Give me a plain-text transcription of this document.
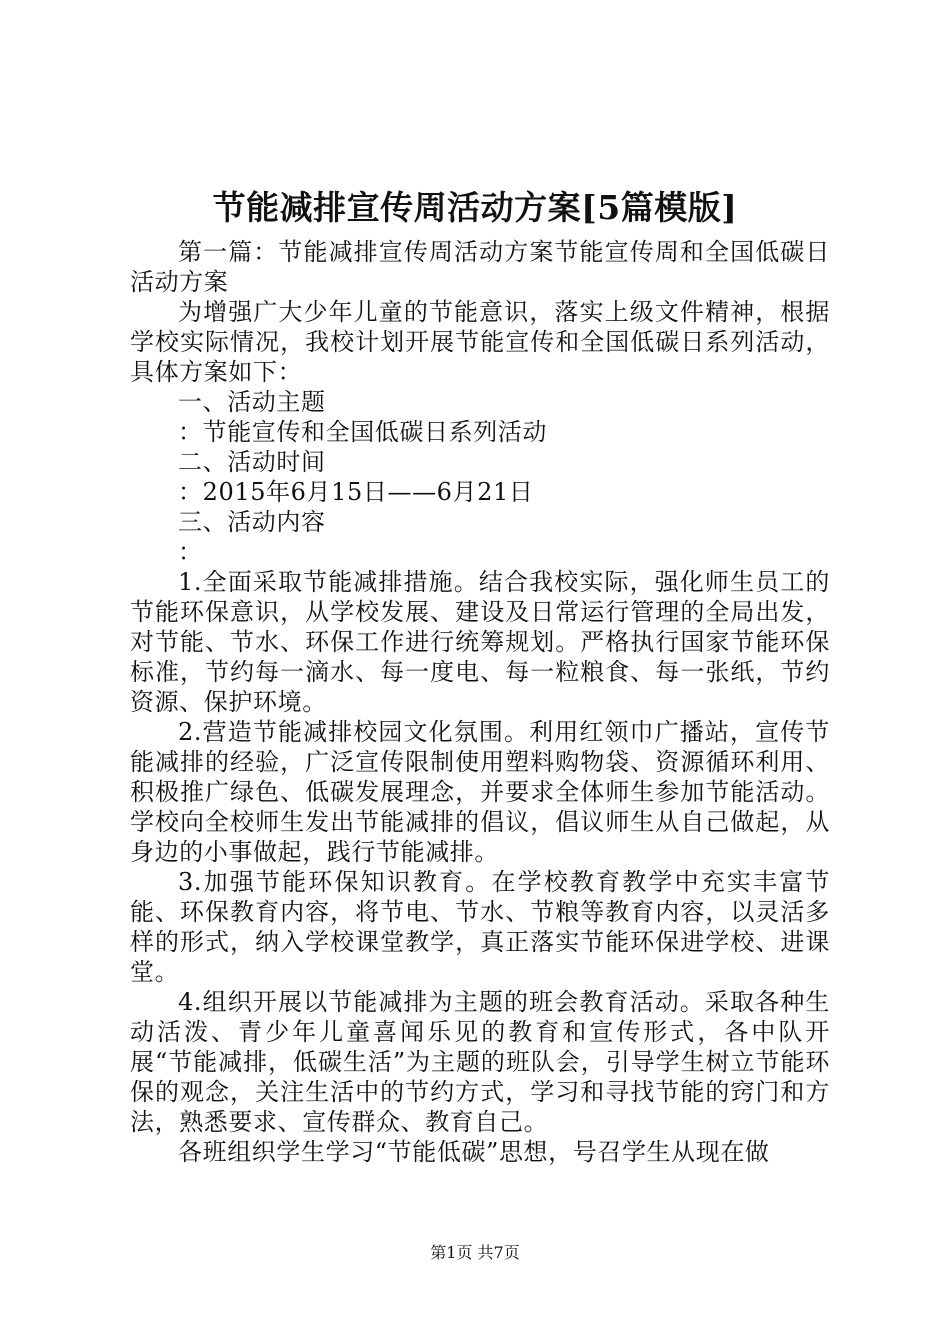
节能减排宣传周活动方案[5篇模版]

第一篇：节能减排宣传周活动方案节能宣传周和全国低碳日活动方案

为增强广大少年儿童的节能意识，落实上级文件精神，根据学校实际情况，我校计划开展节能宣传和全国低碳日系列活动，具体方案如下：

一、活动主题

：节能宣传和全国低碳日系列活动

二、活动时间

：2015年6月15日——6月21日

三、活动内容

：

1.全面采取节能减排措施。结合我校实际，强化师生员工的节能环保意识，从学校发展、建设及日常运行管理的全局出发，对节能、节水、环保工作进行统筹规划。严格执行国家节能环保标准，节约每一滴水、每一度电、每一粒粮食、每一张纸，节约资源、保护环境。

2.营造节能减排校园文化氛围。利用红领巾广播站，宣传节能减排的经验，广泛宣传限制使用塑料购物袋、资源循环利用、积极推广绿色、低碳发展理念，并要求全体师生参加节能活动。学校向全校师生发出节能减排的倡议，倡议师生从自己做起，从身边的小事做起，践行节能减排。

3.加强节能环保知识教育。在学校教育教学中充实丰富节能、环保教育内容，将节电、节水、节粮等教育内容，以灵活多样的形式，纳入学校课堂教学，真正落实节能环保进学校、进课堂。

4.组织开展以节能减排为主题的班会教育活动。采取各种生动活泼、青少年儿童喜闻乐见的教育和宣传形式，各中队开展“节能减排，低碳生活”为主题的班队会，引导学生树立节能环保的观念，关注生活中的节约方式，学习和寻找节能的窍门和方法，熟悉要求、宣传群众、教育自己。

各班组织学生学习“节能低碳”思想，号召学生从现在做

第1页 共7页
